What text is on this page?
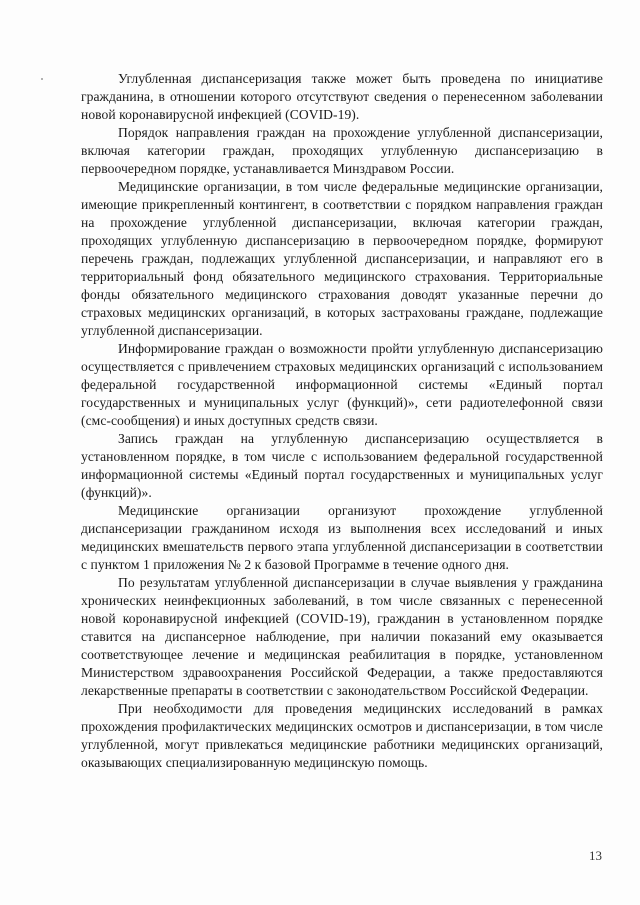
Углубленная диспансеризация также может быть проведена по инициативе гражданина, в отношении которого отсутствуют сведения о перенесенном заболевании новой коронавирусной инфекцией (COVID-19).

Порядок направления граждан на прохождение углубленной диспансеризации, включая категории граждан, проходящих углубленную диспансеризацию в первоочередном порядке, устанавливается Минздравом России.

Медицинские организации, в том числе федеральные медицинские организации, имеющие прикрепленный контингент, в соответствии с порядком направления граждан на прохождение углубленной диспансеризации, включая категории граждан, проходящих углубленную диспансеризацию в первоочередном порядке, формируют перечень граждан, подлежащих углубленной диспансеризации, и направляют его в территориальный фонд обязательного медицинского страхования. Территориальные фонды обязательного медицинского страхования доводят указанные перечни до страховых медицинских организаций, в которых застрахованы граждане, подлежащие углубленной диспансеризации.

Информирование граждан о возможности пройти углубленную диспансеризацию осуществляется с привлечением страховых медицинских организаций с использованием федеральной государственной информационной системы «Единый портал государственных и муниципальных услуг (функций)», сети радиотелефонной связи (смс-сообщения) и иных доступных средств связи.

Запись граждан на углубленную диспансеризацию осуществляется в установленном порядке, в том числе с использованием федеральной государственной информационной системы «Единый портал государственных и муниципальных услуг (функций)».

Медицинские организации организуют прохождение углубленной диспансеризации гражданином исходя из выполнения всех исследований и иных медицинских вмешательств первого этапа углубленной диспансеризации в соответствии с пунктом 1 приложения № 2 к базовой Программе в течение одного дня.

По результатам углубленной диспансеризации в случае выявления у гражданина хронических неинфекционных заболеваний, в том числе связанных с перенесенной новой коронавирусной инфекцией (COVID-19), гражданин в установленном порядке ставится на диспансерное наблюдение, при наличии показаний ему оказывается соответствующее лечение и медицинская реабилитация в порядке, установленном Министерством здравоохранения Российской Федерации, а также предоставляются лекарственные препараты в соответствии с законодательством Российской Федерации.

При необходимости для проведения медицинских исследований в рамках прохождения профилактических медицинских осмотров и диспансеризации, в том числе углубленной, могут привлекаться медицинские работники медицинских организаций, оказывающих специализированную медицинскую помощь.

13
